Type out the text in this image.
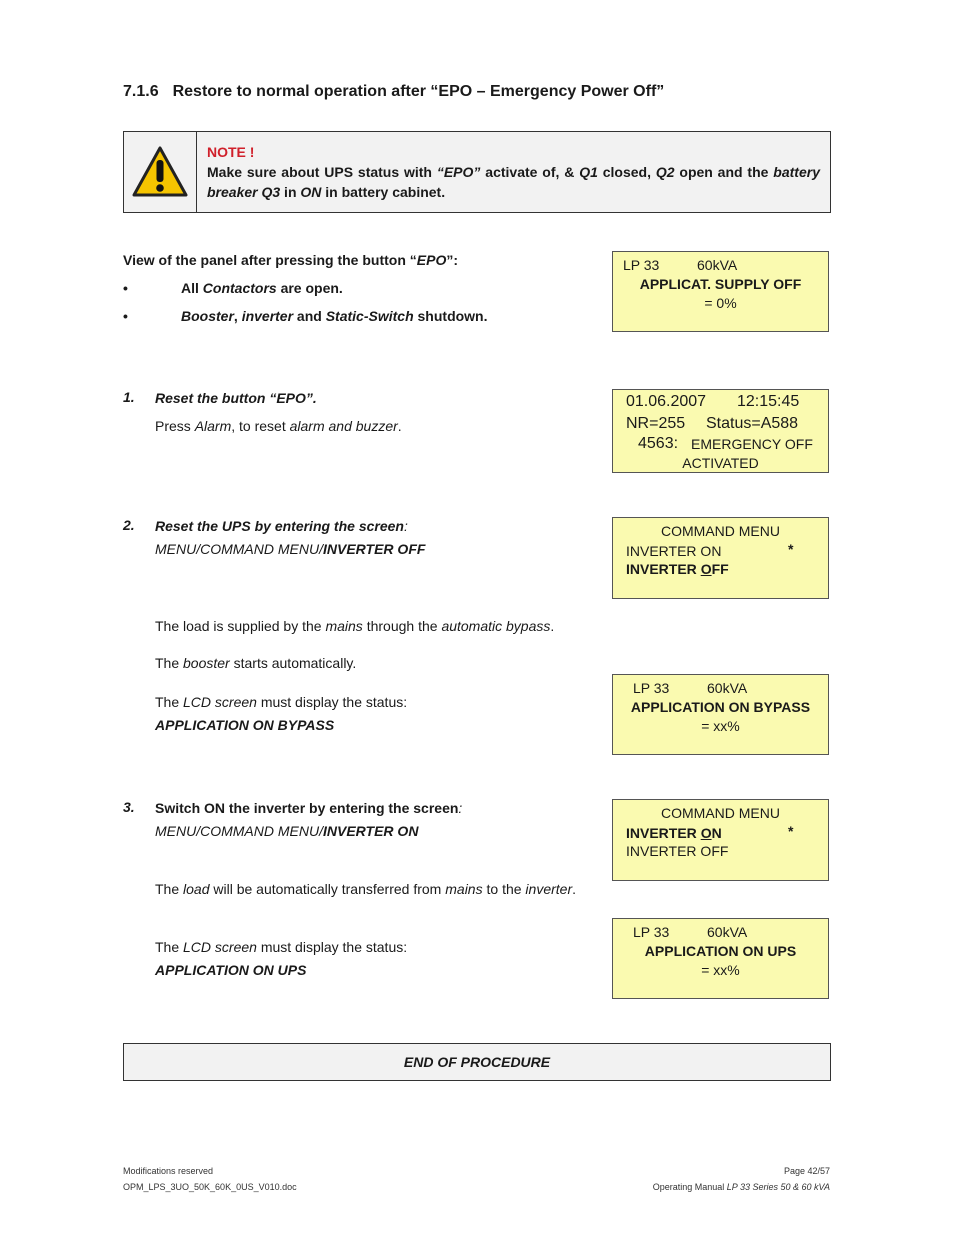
7.1.6 Restore to normal operation after “EPO – Emergency Power Off”
NOTE !
Make sure about UPS status with “EPO” activate of, & Q1 closed, Q2 open and the battery breaker Q3 in ON in battery cabinet.
View of the panel after pressing the button “EPO”:
•	All Contactors are open.
•	Booster, inverter and Static-Switch shutdown.
LP 33	60kVA
APPLICAT. SUPPLY OFF
= 0%
1. Reset the button “EPO”.
Press Alarm, to reset alarm and buzzer.
01.06.2007 12:15:45
NR=255 Status=A588
4563: EMERGENCY OFF
ACTIVATED
2. Reset the UPS by entering the screen:
MENU/COMMAND MENU/INVERTER OFF
COMMAND MENU
INVERTER ON	*
INVERTER OFF
The load is supplied by the mains through the automatic bypass.
The booster starts automatically.
The LCD screen must display the status:
APPLICATION ON BYPASS
LP 33	60kVA
APPLICATION ON BYPASS
= xx%
3. Switch ON the inverter by entering the screen:
MENU/COMMAND MENU/INVERTER ON
COMMAND MENU
INVERTER ON	*
INVERTER OFF
The load will be automatically transferred from mains to the inverter.
The LCD screen must display the status:
APPLICATION ON UPS
LP 33	60kVA
APPLICATION ON UPS
= xx%
END OF PROCEDURE
Modifications reserved
OPM_LPS_3UO_50K_60K_0US_V010.doc
Page 42/57
Operating Manual LP 33 Series 50 & 60 kVA
